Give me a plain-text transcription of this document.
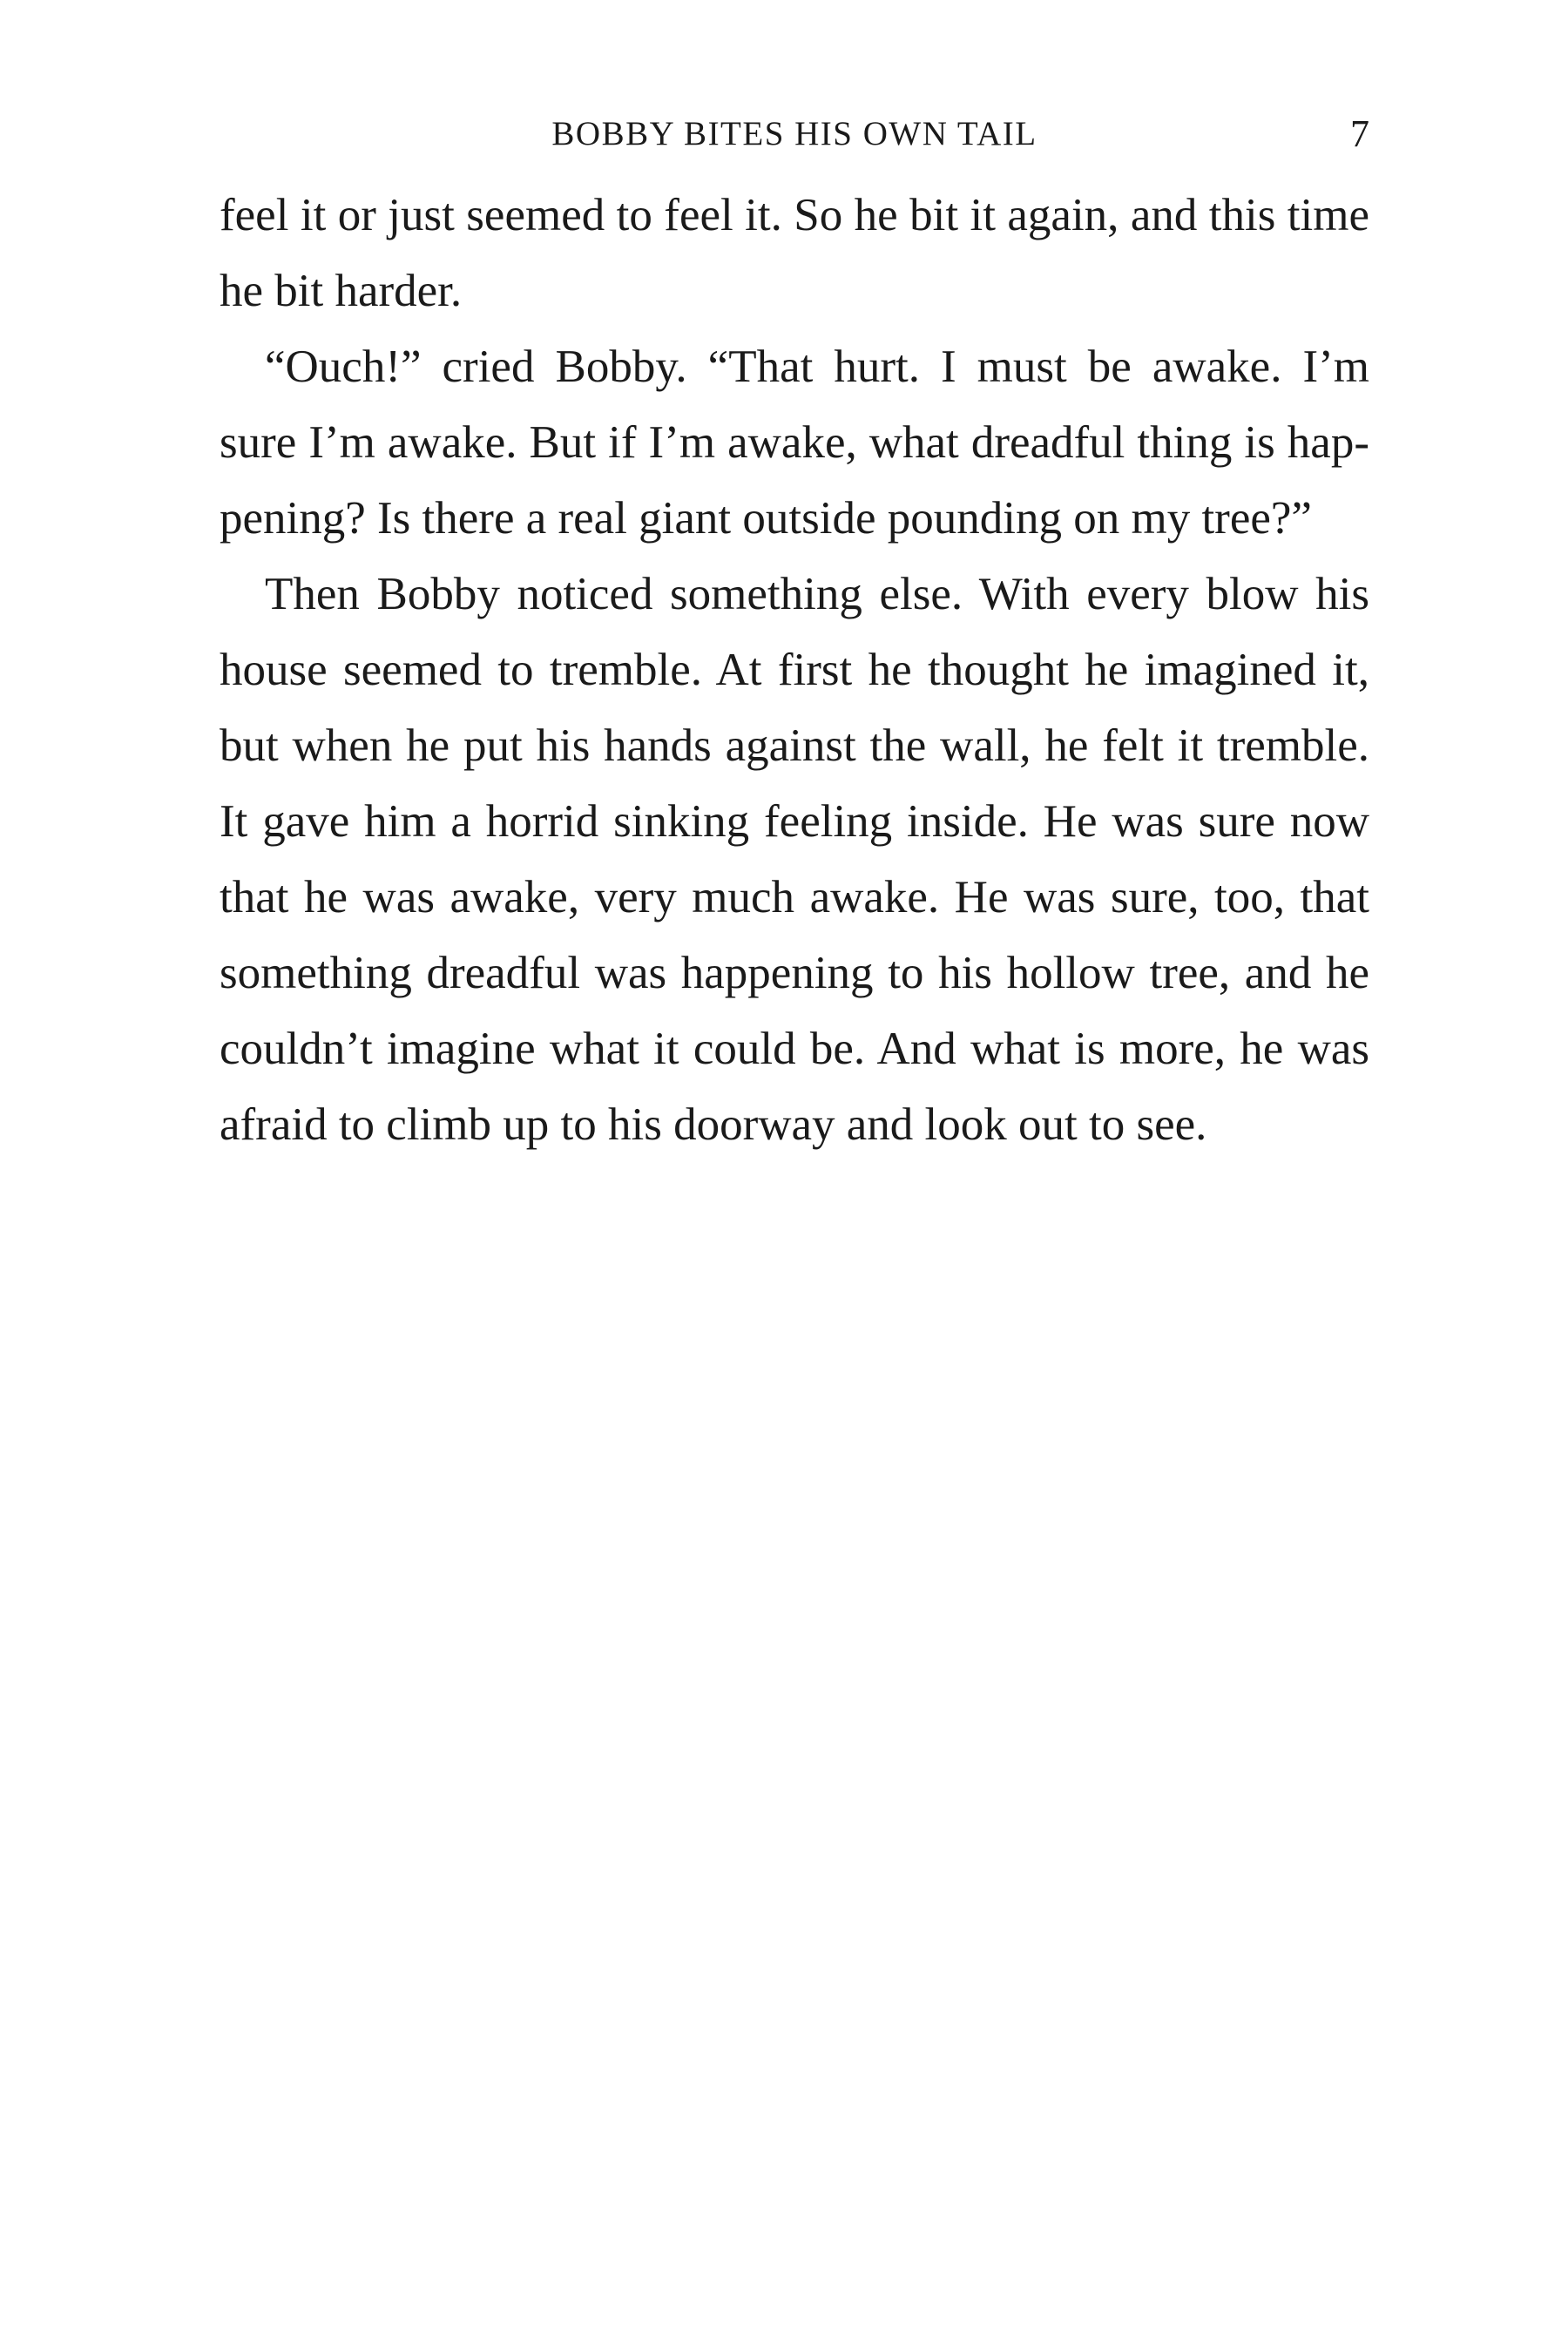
BOBBY BITES HIS OWN TAIL	7

feel it or just seemed to feel it. So he bit it again, and this time he bit harder.

“Ouch!” cried Bobby. “That hurt. I must be awake. I’m sure I’m awake. But if I’m awake, what dreadful thing is happening? Is there a real giant outside pounding on my tree?”

Then Bobby noticed something else. With every blow his house seemed to tremble. At first he thought he imagined it, but when he put his hands against the wall, he felt it tremble. It gave him a horrid sinking feeling inside. He was sure now that he was awake, very much awake. He was sure, too, that something dreadful was happening to his hollow tree, and he couldn’t imagine what it could be. And what is more, he was afraid to climb up to his doorway and look out to see.
